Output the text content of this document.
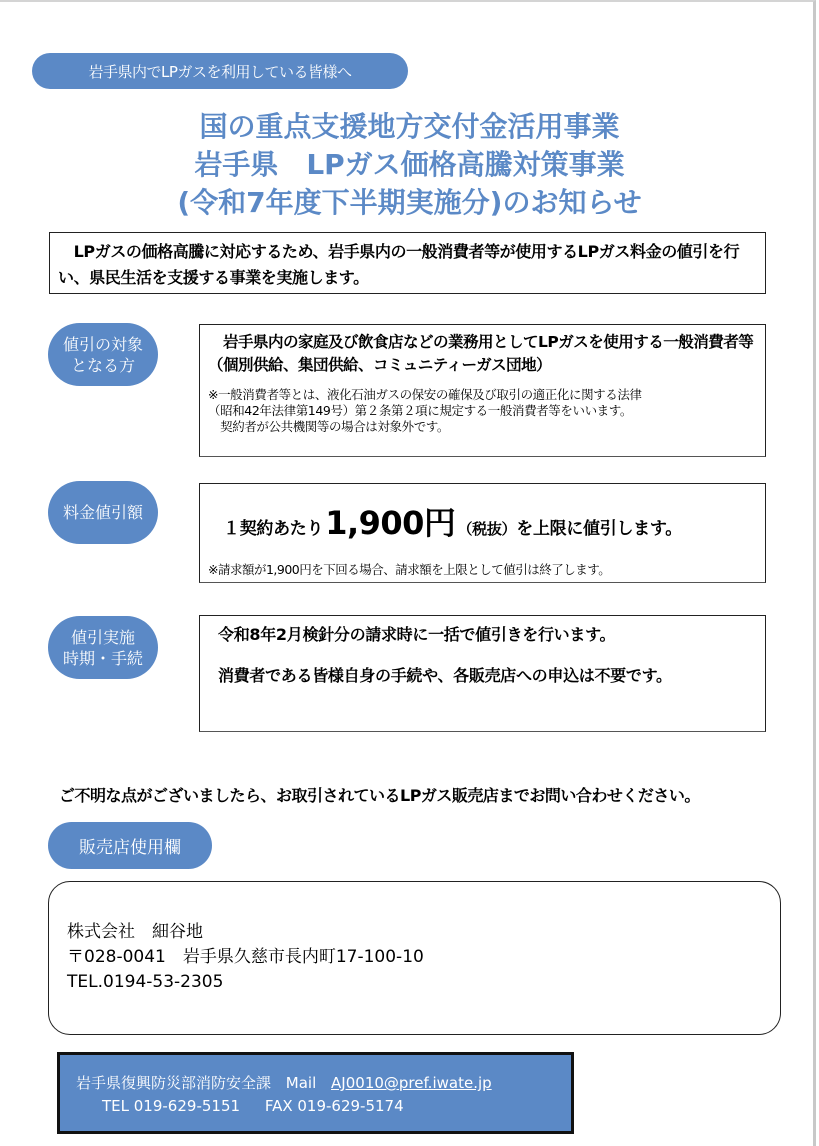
岩手県内でLPガスを利用している皆様へ
国の重点支援地方交付金活用事業
岩手県　LPガス価格高騰対策事業
(令和7年度下半期実施分)のお知らせ
　LPガスの価格高騰に対応するため、岩手県内の一般消費者等が使用するLPガス料金の値引を行い、県民生活を支援する事業を実施します。
値引の対象
となる方
　岩手県内の家庭及び飲食店などの業務用としてLPガスを使用する一般消費者等 （個別供給、集団供給、コミュニティーガス団地）
※一般消費者等とは、液化石油ガスの保安の確保及び取引の適正化に関する法律
（昭和42年法律第149号）第２条第２項に規定する一般消費者等をいいます。
　契約者が公共機関等の場合は対象外です。
料金値引額
１契約あたり 1,900円 （税抜） を上限に値引します。
※請求額が1,900円を下回る場合、請求額を上限として値引は終了します。
値引実施
時期・手続
令和8年2月検針分の請求時に一括で値引きを行います。
消費者である皆様自身の手続や、各販売店への申込は不要です。
ご不明な点がございましたら、お取引されているLPガス販売店までお問い合わせください。
販売店使用欄
株式会社　細谷地
〒028-0041　岩手県久慈市長内町17-100-10
TEL.0194-53-2305
岩手県復興防災部消防安全課 Mail AJ0010@pref.iwate.jp
TEL 019-629-5151 FAX 019-629-5174
